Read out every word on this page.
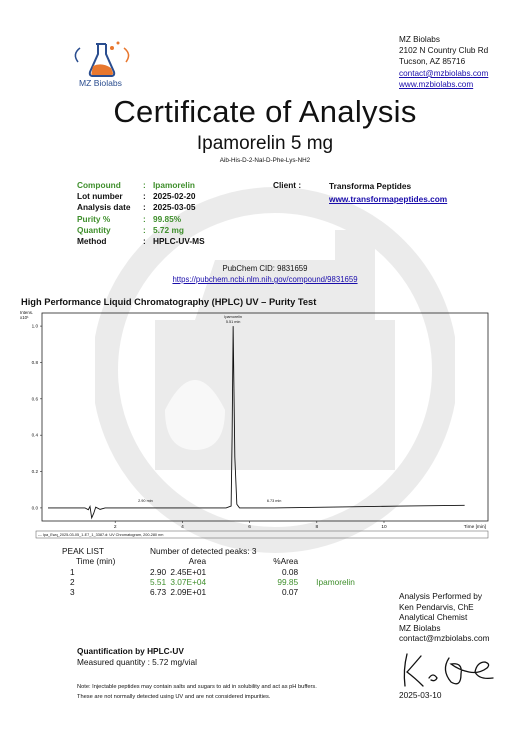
MZ Biolabs
2102 N Country Club Rd
Tucson, AZ 85716
contact@mzbiolabs.com
www.mzbiolabs.com
MZ Biolabs
Certificate of Analysis
Ipamorelin 5 mg
Aib-His-D-2-Nal-D-Phe-Lys-NH2
Compound	: Ipamorelin
Lot number	: 2025-02-20
Analysis date	: 2025-03-05
Purity %	: 99.85%
Quantity	: 5.72 mg
Method	: HPLC-UV-MS
Client :	Transforma Peptides
www.transformapeptides.com
PubChem CID: 9831659
https://pubchem.ncbi.nlm.nih.gov/compound/9831659
High Performance Liquid Chromatography (HPLC) UV – Purity Test
Intens.
x10¹
0.0
0.2
0.4
0.6
0.8
1.0
2	4	6	8	10	Time [min]
2.90 min
Ipamorelin
5.51 min
6.73 min
--- Ipa_Ewq_2025-03-05_1-E7_1_3387.d: UV Chromatogram, 200-280 nm
PEAK LIST	Number of detected peaks: 3			
Time (min)		Area	%Area	
1	2.90	2.45E+01	0.08	
2	5.51	3.07E+04	99.85	Ipamorelin
3	6.73	2.09E+01	0.07		Analysis Performed by
Ken Pendarvis, ChE
Analytical Chemist
MZ Biolabs
contact@mzbiolabs.com
Quantification by HPLC-UV
Measured quantity : 5.72 mg/vial
Note: Injectable peptides may contain salts and sugars to aid in solubility and act as pH buffers.
These are not normally detected using UV and are not considered impurities.	2025-03-10
